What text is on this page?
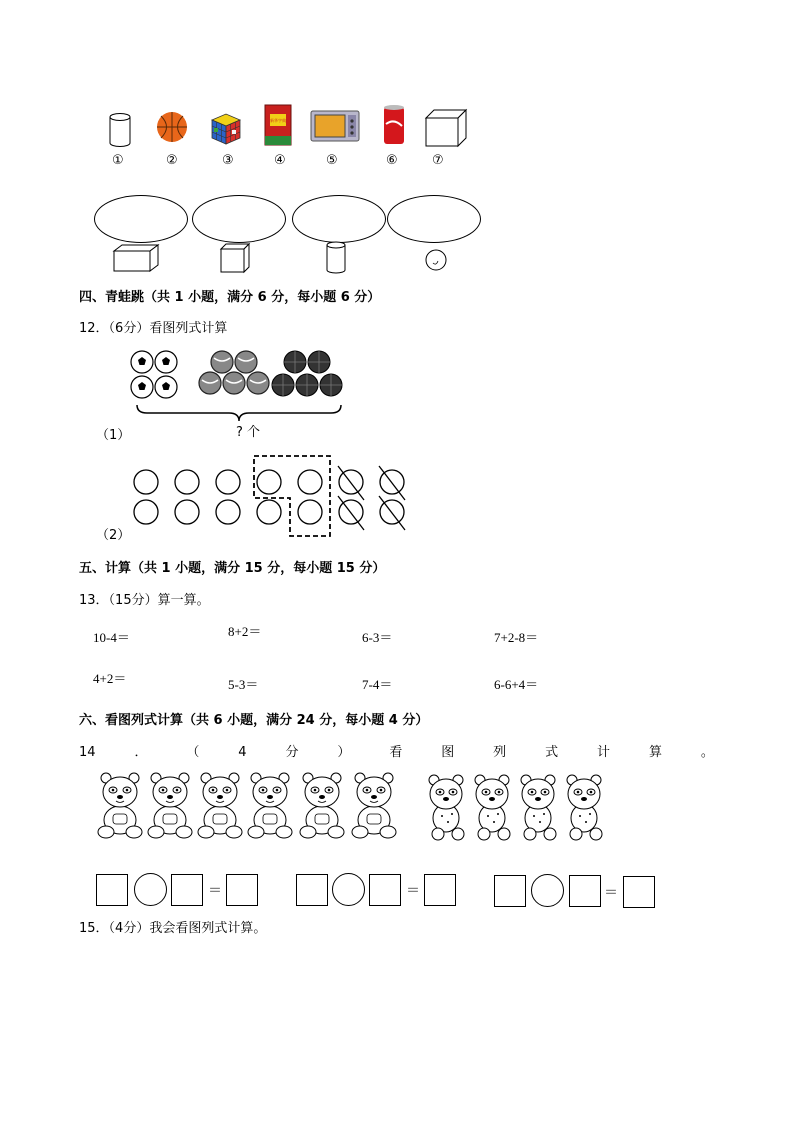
新华字典
①	②	③	④	⑤	⑥	⑦
四、青蛙跳（共 1 小题，满分 6 分，每小题 6 分）
12．（6分）看图列式计算
（1）	? 个
（2）
五、计算（共 1 小题，满分 15 分，每小题 15 分）
13．（15分）算一算。
10-4＝	8+2＝	6-3＝	7+2-8＝
4+2＝	5-3＝	7-4＝	6-6+4＝
六、看图列式计算（共 6 小题，满分 24 分，每小题 4 分）
14	．	（	4	分	）	看	图	列	式	计	算	。
＝	＝	＝
15．（4分）我会看图列式计算。
